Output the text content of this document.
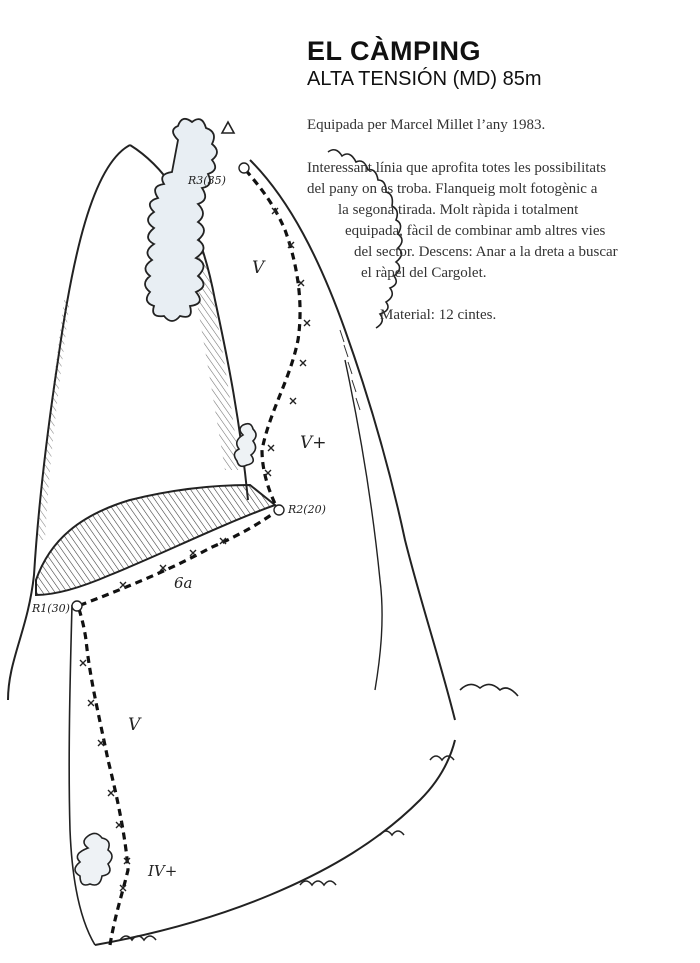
R3(35)
R2(20)
R1(30)
V
V+
6a
V
IV+
EL CÀMPING
ALTA TENSIÓN (MD) 85m
Equipada per Marcel Millet l’any 1983.
Interessant línia que aprofita totes les possibilitats
del pany on es troba. Flanqueig molt fotogènic a
la segona tirada. Molt ràpida i totalment
equipada, fàcil de combinar amb altres vies
del sector. Descens: Anar a la dreta a buscar
el ràpel del Cargolet.
Material: 12 cintes.
